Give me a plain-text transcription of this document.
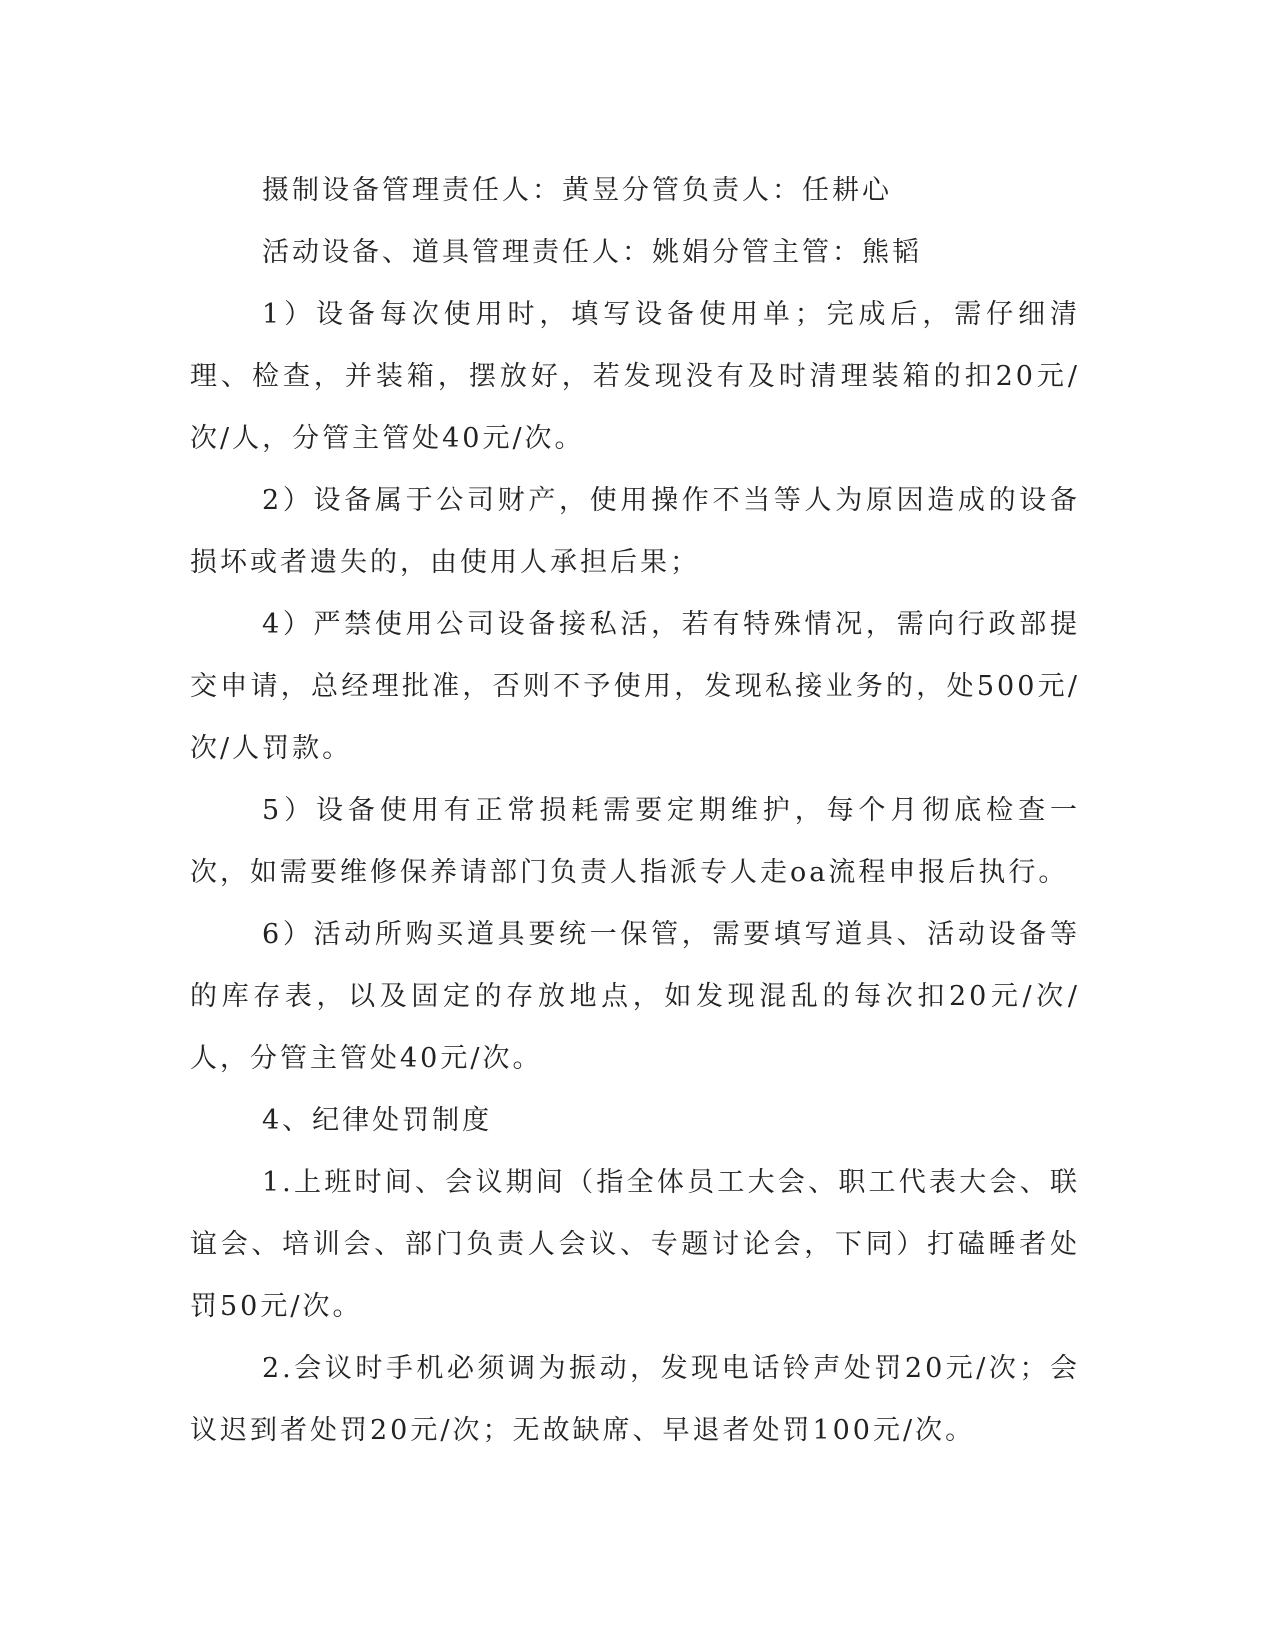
摄制设备管理责任人：黄昱分管负责人：任耕心

活动设备、道具管理责任人：姚娟分管主管：熊韬

1）设备每次使用时，填写设备使用单；完成后，需仔细清理、检查，并装箱，摆放好，若发现没有及时清理装箱的扣20元/次/人，分管主管处40元/次。

2）设备属于公司财产，使用操作不当等人为原因造成的设备损坏或者遗失的，由使用人承担后果；

4）严禁使用公司设备接私活，若有特殊情况，需向行政部提交申请，总经理批准，否则不予使用，发现私接业务的，处500元/次/人罚款。

5）设备使用有正常损耗需要定期维护，每个月彻底检查一次，如需要维修保养请部门负责人指派专人走oa流程申报后执行。

6）活动所购买道具要统一保管，需要填写道具、活动设备等的库存表，以及固定的存放地点，如发现混乱的每次扣20元/次/人，分管主管处40元/次。

4、纪律处罚制度

1.上班时间、会议期间（指全体员工大会、职工代表大会、联谊会、培训会、部门负责人会议、专题讨论会，下同）打磕睡者处罚50元/次。

2.会议时手机必须调为振动，发现电话铃声处罚20元/次；会议迟到者处罚20元/次；无故缺席、早退者处罚100元/次。
